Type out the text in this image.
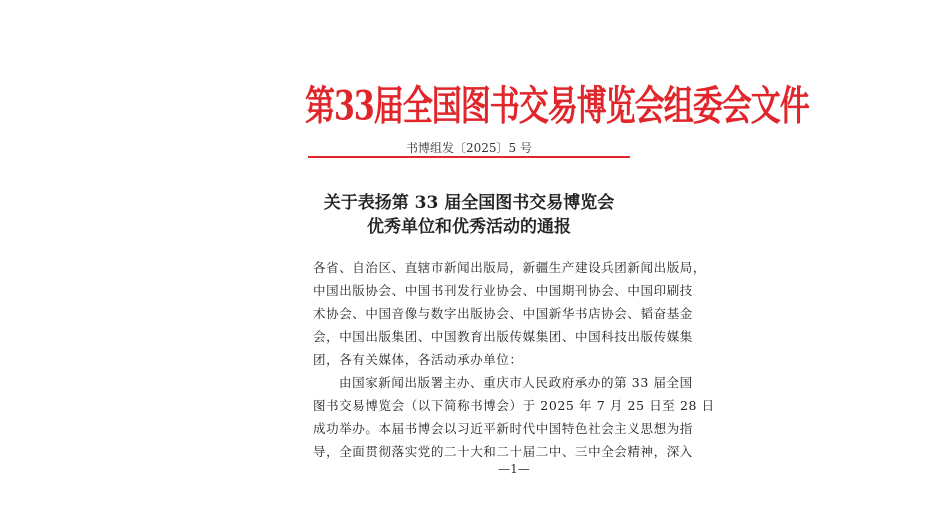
第33届全国图书交易博览会组委会文件
书博组发〔2025〕5 号
关于表扬第 33 届全国图书交易博览会
优秀单位和优秀活动的通报
各省、自治区、直辖市新闻出版局，新疆生产建设兵团新闻出版局，
中国出版协会、中国书刊发行业协会、中国期刊协会、中国印刷技
术协会、中国音像与数字出版协会、中国新华书店协会、韬奋基金
会，中国出版集团、中国教育出版传媒集团、中国科技出版传媒集
团，各有关媒体，各活动承办单位：
由国家新闻出版署主办、重庆市人民政府承办的第 33 届全国
图书交易博览会（以下简称书博会）于 2025 年 7 月 25 日至 28 日
成功举办。本届书博会以习近平新时代中国特色社会主义思想为指
导，全面贯彻落实党的二十大和二十届二中、三中全会精神，深入
—1—
